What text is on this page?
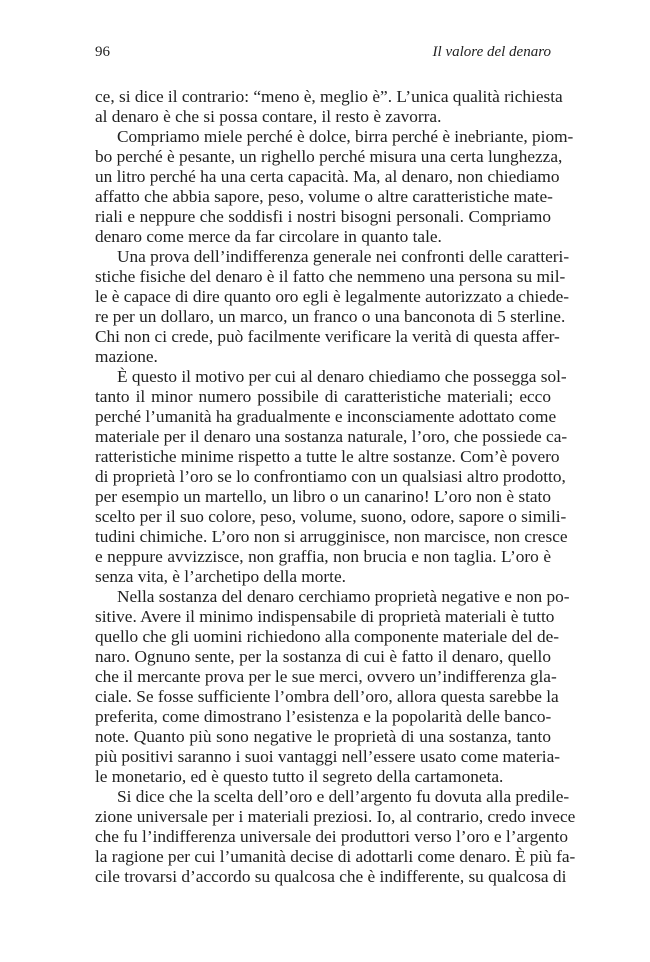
96	Il valore del denaro
ce, si dice il contrario: “meno è, meglio è”. L’unica qualità richiesta
al denaro è che si possa contare, il resto è zavorra.
Compriamo miele perché è dolce, birra perché è inebriante, piom-
bo perché è pesante, un righello perché misura una certa lunghezza,
un litro perché ha una certa capacità. Ma, al denaro, non chiediamo
affatto che abbia sapore, peso, volume o altre caratteristiche mate-
riali e neppure che soddisfi i nostri bisogni personali. Compriamo
denaro come merce da far circolare in quanto tale.
Una prova dell’indifferenza generale nei confronti delle caratteri-
stiche fisiche del denaro è il fatto che nemmeno una persona su mil-
le è capace di dire quanto oro egli è legalmente autorizzato a chiede-
re per un dollaro, un marco, un franco o una banconota di 5 sterline.
Chi non ci crede, può facilmente verificare la verità di questa affer-
mazione.
È questo il motivo per cui al denaro chiediamo che possegga sol-
tanto il minor numero possibile di caratteristiche materiali; ecco
perché l’umanità ha gradualmente e inconsciamente adottato come
materiale per il denaro una sostanza naturale, l’oro, che possiede ca-
ratteristiche minime rispetto a tutte le altre sostanze. Com’è povero
di proprietà l’oro se lo confrontiamo con un qualsiasi altro prodotto,
per esempio un martello, un libro o un canarino! L’oro non è stato
scelto per il suo colore, peso, volume, suono, odore, sapore o simili-
tudini chimiche. L’oro non si arrugginisce, non marcisce, non cresce
e neppure avvizzisce, non graffia, non brucia e non taglia. L’oro è
senza vita, è l’archetipo della morte.
Nella sostanza del denaro cerchiamo proprietà negative e non po-
sitive. Avere il minimo indispensabile di proprietà materiali è tutto
quello che gli uomini richiedono alla componente materiale del de-
naro. Ognuno sente, per la sostanza di cui è fatto il denaro, quello
che il mercante prova per le sue merci, ovvero un’indifferenza gla-
ciale. Se fosse sufficiente l’ombra dell’oro, allora questa sarebbe la
preferita, come dimostrano l’esistenza e la popolarità delle banco-
note. Quanto più sono negative le proprietà di una sostanza, tanto
più positivi saranno i suoi vantaggi nell’essere usato come materia-
le monetario, ed è questo tutto il segreto della cartamoneta.
Si dice che la scelta dell’oro e dell’argento fu dovuta alla predile-
zione universale per i materiali preziosi. Io, al contrario, credo invece
che fu l’indifferenza universale dei produttori verso l’oro e l’argento
la ragione per cui l’umanità decise di adottarli come denaro. È più fa-
cile trovarsi d’accordo su qualcosa che è indifferente, su qualcosa di
